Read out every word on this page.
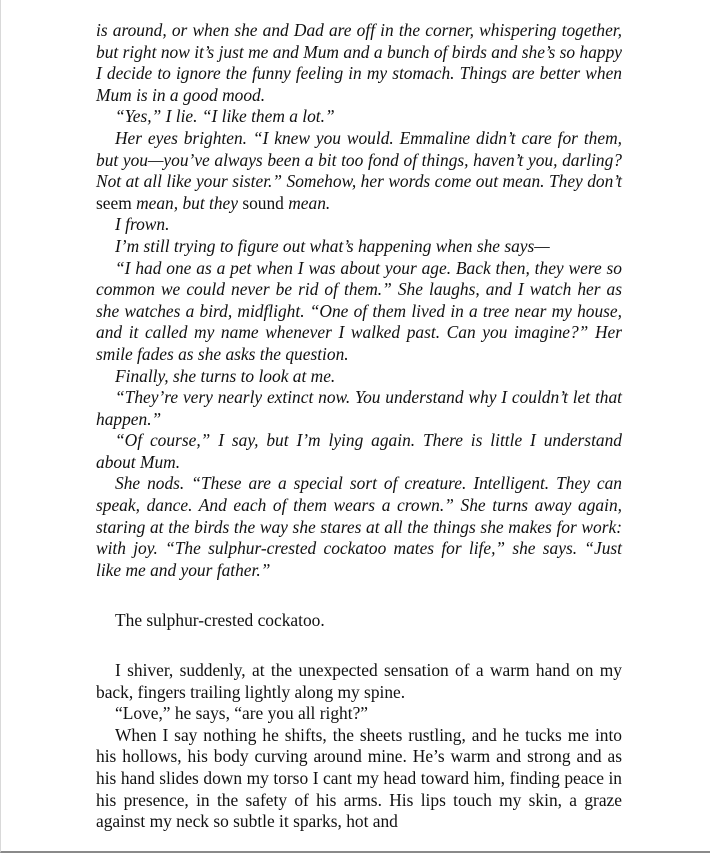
is around, or when she and Dad are off in the corner, whispering together, but right now it’s just me and Mum and a bunch of birds and she’s so happy I decide to ignore the funny feeling in my stomach. Things are better when Mum is in a good mood.

“Yes,” I lie. “I like them a lot.”

Her eyes brighten. “I knew you would. Emmaline didn’t care for them, but you—you’ve always been a bit too fond of things, haven’t you, darling? Not at all like your sister.” Somehow, her words come out mean. They don’t seem mean, but they sound mean.

I frown.

I’m still trying to figure out what’s happening when she says—

“I had one as a pet when I was about your age. Back then, they were so common we could never be rid of them.” She laughs, and I watch her as she watches a bird, midflight. “One of them lived in a tree near my house, and it called my name whenever I walked past. Can you imagine?” Her smile fades as she asks the question.

Finally, she turns to look at me.

“They’re very nearly extinct now. You understand why I couldn’t let that happen.”

“Of course,” I say, but I’m lying again. There is little I understand about Mum.

She nods. “These are a special sort of creature. Intelligent. They can speak, dance. And each of them wears a crown.” She turns away again, staring at the birds the way she stares at all the things she makes for work: with joy. “The sulphur-crested cockatoo mates for life,” she says. “Just like me and your father.”

The sulphur-crested cockatoo.

I shiver, suddenly, at the unexpected sensation of a warm hand on my back, fingers trailing lightly along my spine.

“Love,” he says, “are you all right?”

When I say nothing he shifts, the sheets rustling, and he tucks me into his hollows, his body curving around mine. He’s warm and strong and as his hand slides down my torso I cant my head toward him, finding peace in his presence, in the safety of his arms. His lips touch my skin, a graze against my neck so subtle it sparks, hot and
